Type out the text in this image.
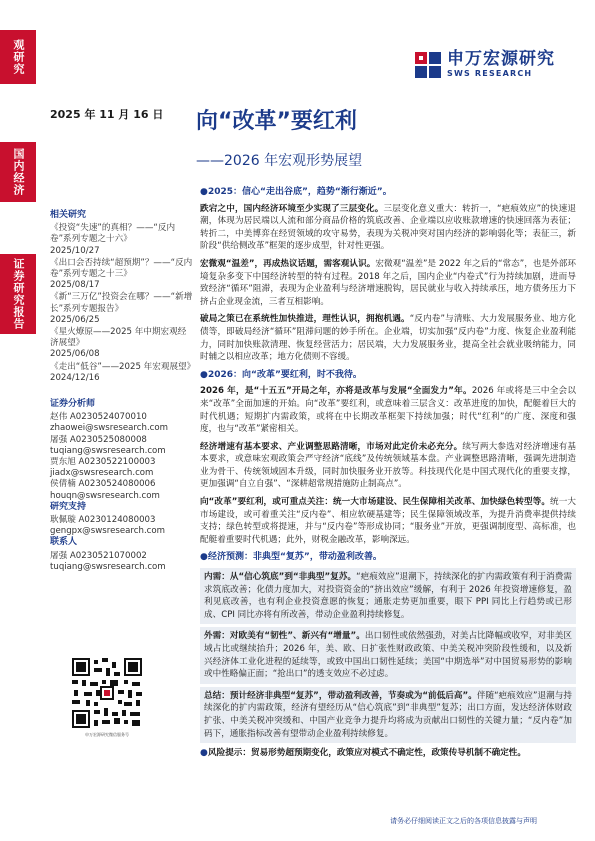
观研究
国内经济
证券研究报告
申万宏源研究
SWS RESEARCH
2025 年 11 月 16 日 向“改革”要红利
——2026 年宏观形势展望
相关研究
《投资“失速”的真相？——“反内卷”系列专题之十六》
2025/10/27
《出口会否持续“超预期”？——“反内卷”系列专题之十三》
2025/08/17
《新“三万亿”投资会在哪？——“新增长”系列专题报告》
2025/06/25
《星火燎原——2025 年中期宏观经济展望》
2025/06/08
《走出“低谷”——2025 年宏观展望》
2024/12/16
证券分析师
赵伟 A0230524070010
zhaowei@swsresearch.com
屠强 A0230525080008
tuqiang@swsresearch.com
贾东旭 A0230522100003
jiadx@swsresearch.com
侯倩楠 A0230524080006
houqn@swsresearch.com
研究支持
耿佩璇 A0230124080003
gengpx@swsresearch.com
联系人
屠强 A0230521070002
tuqiang@swsresearch.com
申万宏源研究微信服务号
● 2025：信心“走出谷底”，趋势“渐行渐近”。
跌宕之中，国内经济环境至少实现了三层变化。三层变化意义重大：转折一，“疤痕效应”的快速退潮，体现为居民端以人流和部分商品价格的筑底改善、企业端以应收账款增速的快速回落为表征；转折二，中美博弈在经贸领域的攻守易势，表现为关税冲突对国内经济的影响弱化等；表征三，新阶段“供给侧改革”框架的逐步成型，针对性更强。
宏微观“温差”，再成热议话题，需客观认识。宏微观“温差”是 2022 年之后的“常态”，也是外部环境复杂多变下中国经济转型的特有过程。2018 年之后，国内企业“内卷式”行为持续加剧，进而导致经济“循环”阻滞，表现为企业盈利与经济增速脱钩，居民就业与收入持续承压，地方债务压力下挤占企业现金流，三者互相影响。
破局之策已在系统性加快推进，理性认识，拥抱机遇。“反内卷”与清账、大力发展服务业、地方化债等，即破局经济“循环”阻滞问题的妙手所在。企业端，切实加强“反内卷”力度、恢复企业盈利能力，同时加快账款清理、恢复经营活力；居民端，大力发展服务业，提高全社会就业吸纳能力，同时辅之以相应改革；地方化债则不容缓。
● 2026：向“改革”要红利，时不我待。
2026 年，是“十五五”开局之年，亦将是改革与发展“全面发力”年。2026 年或将是三中全会以来“改革”全面加速的开始。向“改革”要红利，或意味着三层含义：改革进度的加快，配艇着巨大的时代机遇；短期扩内需政策，或将在中长期改革框架下持续加强；时代“红利”的广度、深度和强度，也与“改革”紧密相关。
经济增速有基本要求、产业调整思路清晰，市场对此定价未必充分。续写两大参选对经济增速有基本要求，或意味宏观政策会严守经济“底线”及传统领域基本盘。产业调整思路清晰，强调先进制造业为骨干、传统领域固本升级，同时加快服务业开放等。科技现代化是中国式现代化的重要支撑，更加强调“自立自强”、“深耕超常规措施防止制高点”。
向“改革”要红利，或可重点关注：统一大市场建设、民生保障相关改革、加快绿色转型等。统一大市场建设，或可着重关注“反内卷”、相应软硬基建等；民生保障领域改革，为提升消费率提供持续支持；绿色转型或将提速，并与“反内卷”等形成协同；“服务业”开放，更强调制度型、高标准，也配艇着重要时代机遇；此外，财税金融改革，影响深远。
● 经济预测：非典型“复苏”，带动盈利改善。
内需：从“信心筑底”到“非典型”复苏。“疤痕效应”退潮下，持续深化的扩内需政策有利于消费需求筑底改善；化债力度加大，对投资资金的“挤出效应”缓解，有利于 2026 年投资增速修复，盈利见底改善，也有利企业投资意愿的恢复；通胀走势更加重要，眼下 PPI 同比上行趋势或已形成、CPI 同比亦将有所改善，带动企业盈利持续修复。
外需：对欧美有“韧性”、新兴有“增量”。出口韧性或依然强劲，对美占比降幅或收窄，对非美区域占比或继续抬升；2026 年，美、欧、日扩张性财政政策、中美关税冲突阶段性缓和，以及新兴经济体工业化进程的延续等，或致中国出口韧性延续；美国“中期选举”对中国贸易形势的影响或中性略偏正面；“抢出口”的透支效应不必过虑。
总结：预计经济非典型“复苏”，带动盈利改善，节奏或为“前低后高”。伴随“疤痕效应”退潮与持续深化的扩内需政策，经济有望经历从“信心筑底”到“非典型”复苏；出口方面，发达经济体财政扩张、中美关税冲突缓和、中国产业竞争力提升均将成为贡献出口韧性的关键力量；“反内卷”加码下，通胀指标改善有望带动企业盈利持续修复。
● 风险提示：贸易形势超预期变化，政策应对模式不确定性，政策传导机制不确定性。
请务必仔细阅读正文之后的各项信息披露与声明
